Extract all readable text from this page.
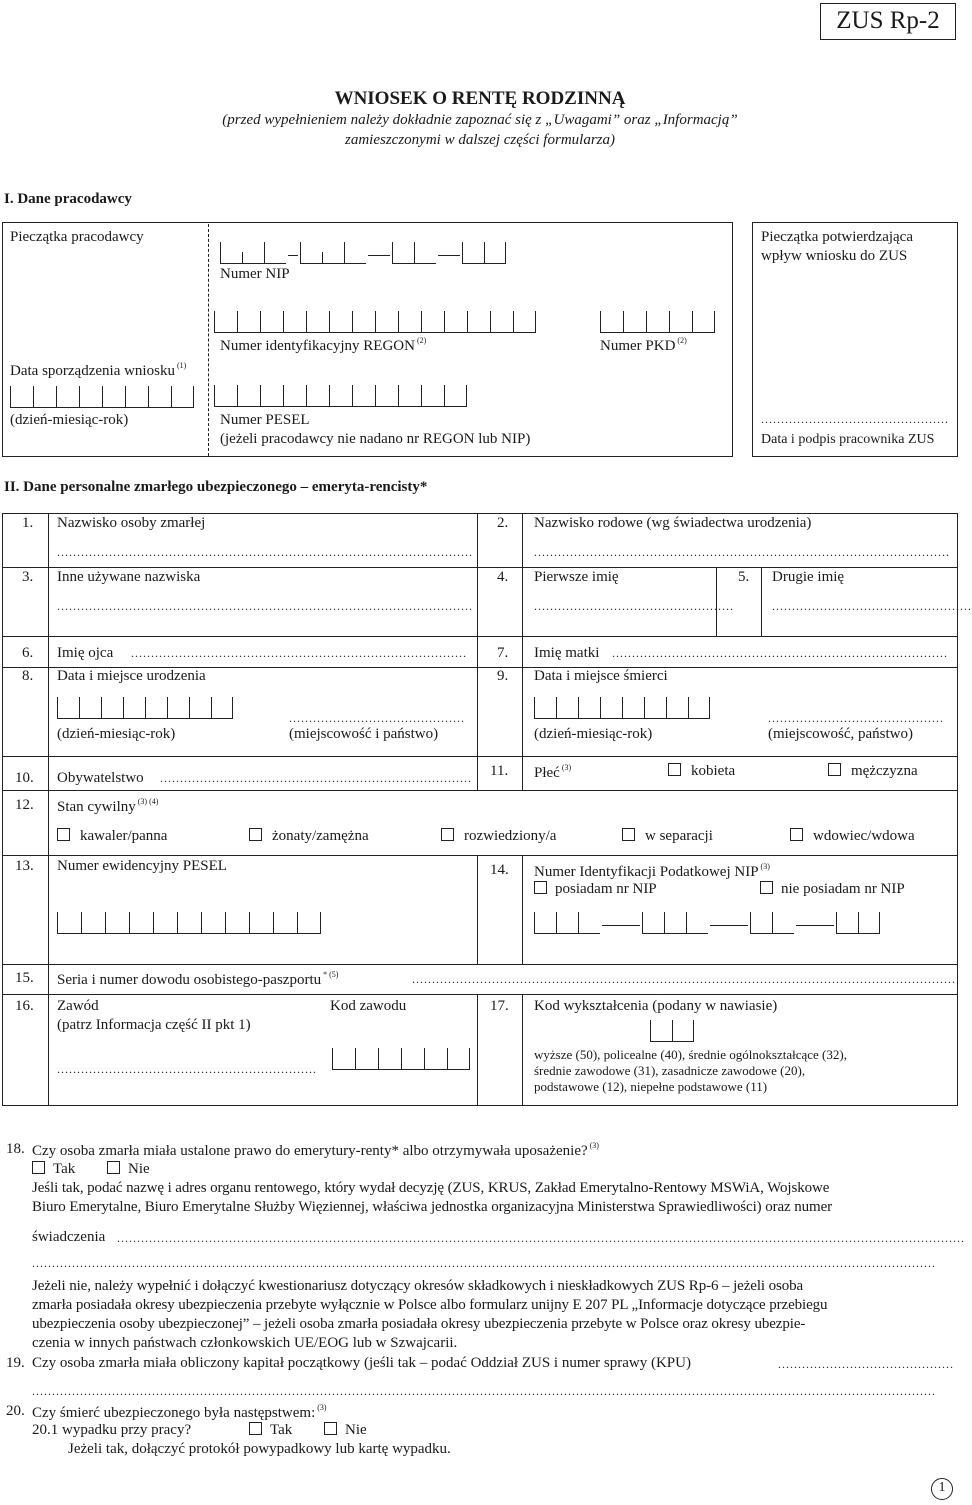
ZUS Rp-2
WNIOSEK O RENTĘ RODZINNĄ
(przed wypełnieniem należy dokładnie zapoznać się z „Uwagami” oraz „Informacją”
zamieszczonymi w dalszej części formularza)
I. Dane pracodawcy
Pieczątka pracodawcy
Numer NIP
Numer identyfikacyjny REGON $^{(2)}$	Numer PKD $^{(2)}$
Data sporządzenia wniosku $^{(1)}$
(dzień-miesiąc-rok)	Numer PESEL
(jeżeli pracodawcy nie nadano nr REGON lub NIP)
Pieczątka potwierdzająca
wpływ wniosku do ZUS
...............................................
Data i podpis pracownika ZUS
II. Dane personalne zmarłego ubezpieczonego – emeryta-rencisty*
1. Nazwisko osoby zmarłej
........................................................................................................
2. Nazwisko rodowe (wg świadectwa urodzenia)
........................................................................................................
3. Inne używane nazwiska
........................................................................................................
4. Pierwsze imię
..................................................
5. Drugie imię
..................................................
6. Imię ojca .................................................................................... 7. Imię matki ....................................................................................
8. Data i miejsce urodzenia
............................................
(dzień-miesiąc-rok)	(miejscowość i państwo)
9. Data i miejsce śmierci
............................................
(dzień-miesiąc-rok)	(miejscowość, państwo)
10. Obywatelstwo .............................................................................. 11. Płeć $^{(3)}$	kobieta	mężczyzna
12. Stan cywilny $^{(3) (4)}$
kawaler/panna	żonaty/zamężna	rozwiedziony/a	w separacji	wdowiec/wdowa
13. Numer ewidencyjny PESEL	14. Numer Identyfikacji Podatkowej NIP $^{(3)}$
posiadam nr NIP	nie posiadam nr NIP
15. Seria i numer dowodu osobistego-paszportu $^{* (5)}$	........................................................................................................................................
16. Zawód
(patrz Informacja część II pkt 1)
.................................................................
Kod zawodu	17. Kod wykształcenia (podany w nawiasie)
wyższe (50), policealne (40), średnie ogólnokształcące (32),
średnie zawodowe (31), zasadnicze zawodowe (20),
podstawowe (12), niepełne podstawowe (11)
18. Czy osoba zmarła miała ustalone prawo do emerytury-renty* albo otrzymywała uposażenie? $^{(3)}$
Tak	Nie
Jeśli tak, podać nazwę i adres organu rentowego, który wydał decyzję (ZUS, KRUS, Zakład Emerytalno-Rentowy MSWiA, Wojskowe
Biuro Emerytalne, Biuro Emerytalne Służby Więziennej, właściwa jednostka organizacyjna Ministerstwa Sprawiedliwości) oraz numer
świadczenia ....................................................................................................................................................................................................................
..................................................................................................................................................................................................................................
Jeżeli nie, należy wypełnić i dołączyć kwestionariusz dotyczący okresów składkowych i nieskładkowych ZUS Rp-6 – jeżeli osoba
zmarła posiadała okresy ubezpieczenia przebyte wyłącznie w Polsce albo formularz unijny E 207 PL „Informacje dotyczące przebiegu
ubezpieczenia osoby ubezpieczonej” – jeżeli osoba zmarła posiadała okresy ubezpieczenia przebyte w Polsce oraz okresy ubezpie-
czenia w innych państwach członkowskich UE/EOG lub w Szwajcarii.
19. Czy osoba zmarła miała obliczony kapitał początkowy (jeśli tak – podać Oddział ZUS i numer sprawy (KPU)	............................................
..................................................................................................................................................................................................................................
20. Czy śmierć ubezpieczonego była następstwem: $^{(3)}$
20.1 wypadku przy pracy?	Tak	Nie
Jeżeli tak, dołączyć protokół powypadkowy lub kartę wypadku.
1
